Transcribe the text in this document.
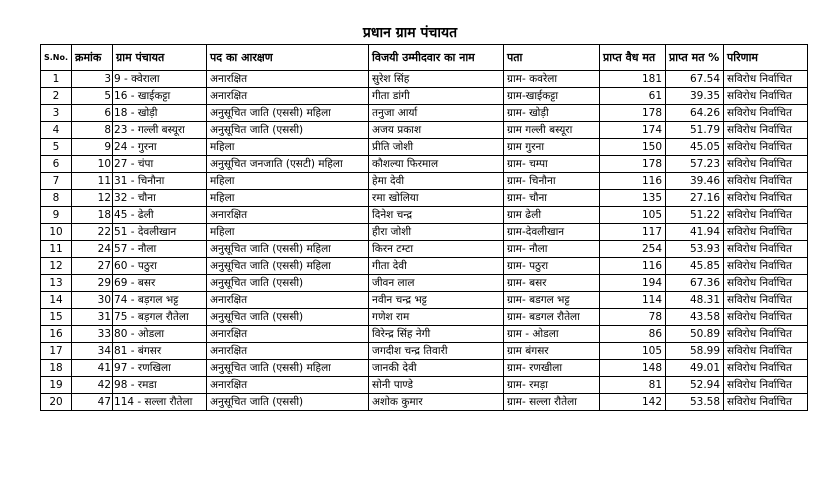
प्रधान ग्राम पंचायत
S.No.	क्रमांक	ग्राम पंचायत	पद का आरक्षण	विजयी उम्मीदवार का नाम	पता	प्राप्त वैध मत	प्राप्त मत %	परिणाम
1	3	9 - क्वेराला	अनारक्षित	सुरेश सिंह	ग्राम- कवरेला	181	67.54	सविरोध निर्वाचित
2	5	16 - खाईकट्टा	अनारक्षित	गीता डांगी	ग्राम-खाईकट्टा	61	39.35	सविरोध निर्वाचित
3	6	18 - खोड़ी	अनुसूचित जाति (एससी) महिला	तनुजा आर्या	ग्राम- खोड़ी	178	64.26	सविरोध निर्वाचित
4	8	23 - गल्ली बस्यूरा	अनुसूचित जाति (एससी)	अजय प्रकाश	ग्राम गल्ली बस्यूरा	174	51.79	सविरोध निर्वाचित
5	9	24 - गुरना	महिला	प्रीति जोशी	ग्राम गुरना	150	45.05	सविरोध निर्वाचित
6	10	27 - चंपा	अनुसूचित जनजाति (एसटी) महिला	कौशल्या फिरमाल	ग्राम- चम्पा	178	57.23	सविरोध निर्वाचित
7	11	31 - चिनौना	महिला	हेमा देवी	ग्राम- चिनौना	116	39.46	सविरोध निर्वाचित
8	12	32 - चौना	महिला	रमा खोलिया	ग्राम- चौना	135	27.16	सविरोध निर्वाचित
9	18	45 - ढेली	अनारक्षित	दिनेश चन्द्र	ग्राम ढेली	105	51.22	सविरोध निर्वाचित
10	22	51 - देवलीखान	महिला	हीरा जोशी	ग्राम-देवलीखान	117	41.94	सविरोध निर्वाचित
11	24	57 - नौला	अनुसूचित जाति (एससी) महिला	किरन टम्टा	ग्राम- नौला	254	53.93	सविरोध निर्वाचित
12	27	60 - पठुरा	अनुसूचित जाति (एससी) महिला	गीता देवी	ग्राम- पठुरा	116	45.85	सविरोध निर्वाचित
13	29	69 - बसर	अनुसूचित जाति (एससी)	जीवन लाल	ग्राम- बसर	194	67.36	सविरोध निर्वाचित
14	30	74 - बड़गल भट्ट	अनारक्षित	नवीन चन्द्र भट्ट	ग्राम- बडगल भट्ट	114	48.31	सविरोध निर्वाचित
15	31	75 - बड़गल रौतेला	अनुसूचित जाति (एससी)	गणेश राम	ग्राम- बडगल रौतेला	78	43.58	सविरोध निर्वाचित
16	33	80 - ओडला	अनारक्षित	विरेन्द्र सिंह नेगी	ग्राम - ओडला	86	50.89	सविरोध निर्वाचित
17	34	81 - बंगसर	अनारक्षित	जगदीश चन्द्र तिवारी	ग्राम बंगसर	105	58.99	सविरोध निर्वाचित
18	41	97 - रणखिला	अनुसूचित जाति (एससी) महिला	जानकी देवी	ग्राम- रणखीला	148	49.01	सविरोध निर्वाचित
19	42	98 - रमडा	अनारक्षित	सोनी पाण्डे	ग्राम- रमड़ा	81	52.94	सविरोध निर्वाचित
20	47	114 - सल्ला रौतेला	अनुसूचित जाति (एससी)	अशोक कुमार	ग्राम- सल्ला रौतेला	142	53.58	सविरोध निर्वाचित
